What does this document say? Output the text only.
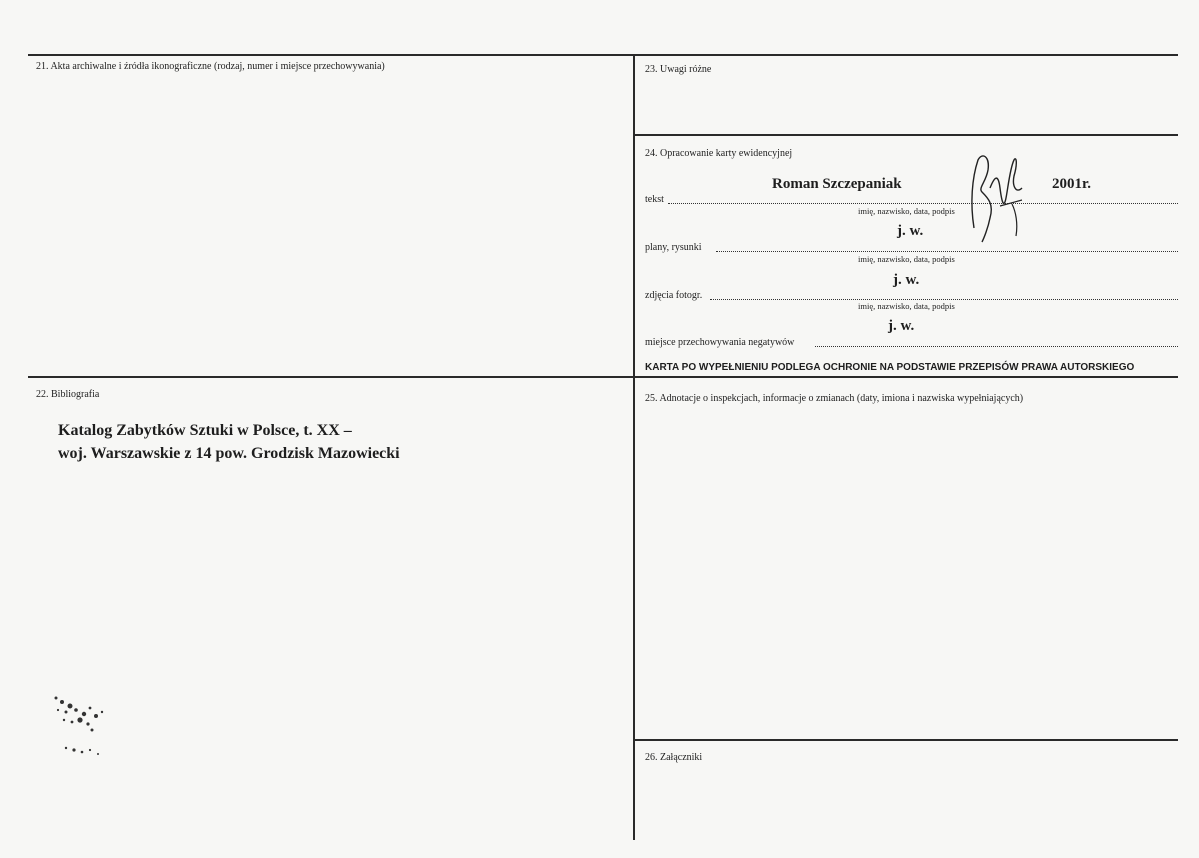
21. Akta archiwalne i źródła ikonograficzne (rodzaj, numer i miejsce przechowywania)	23. Uwagi różne
24. Opracowanie karty ewidencyjnej
tekst
Roman Szczepaniak	2001r.
imię, nazwisko, data, podpis
plany, rysunki
j. w.
imię, nazwisko, data, podpis
zdjęcia fotogr.
j. w.
imię, nazwisko, data, podpis
miejsce przechowywania negatywów
j. w.
KARTA PO WYPEŁNIENIU PODLEGA OCHRONIE NA PODSTAWIE PRZEPISÓW PRAWA AUTORSKIEGO
22. Bibliografia
Katalog Zabytków Sztuki w Polsce, t. XX –
woj. Warszawskie z 14 pow. Grodzisk Mazowiecki
25. Adnotacje o inspekcjach, informacje o zmianach (daty, imiona i nazwiska wypełniających)
26. Załączniki
